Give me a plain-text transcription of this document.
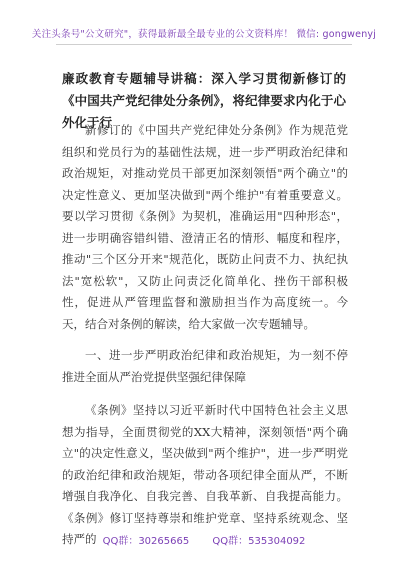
关注头条号"公文研究"，获得最新最全最专业的公文资料库！ 微信: gongwenyj
廉政教育专题辅导讲稿：深入学习贯彻新修订的《中国共产党纪律处分条例》，将纪律要求内化于心外化于行

新修订的《中国共产党纪律处分条例》作为规范党组织和党员行为的基础性法规，进一步严明政治纪律和政治规矩，对推动党员干部更加深刻领悟"两个确立"的决定性意义、更加坚决做到"两个维护"有着重要意义。要以学习贯彻《条例》为契机，准确运用"四种形态"，进一步明确容错纠错、澄清正名的情形、幅度和程序，推动"三个区分开来"规范化，既防止问责不力、执纪执法"宽松软"，又防止问责泛化简单化、挫伤干部积极性，促进从严管理监督和激励担当作为高度统一。今天，结合对条例的解读，给大家做一次专题辅导。

一、进一步严明政治纪律和政治规矩，为一刻不停推进全面从严治党提供坚强纪律保障

《条例》坚持以习近平新时代中国特色社会主义思想为指导，全面贯彻党的XX大精神，深刻领悟"两个确立"的决定性意义，坚决做到"两个维护"，进一步严明党的政治纪律和政治规矩，带动各项纪律全面从严，不断增强自我净化、自我完善、自我革新、自我提高能力。《条例》修订坚持尊崇和维护党章、坚持系统观念、坚持严的 QQ群：30265665 QQ群：535304092
